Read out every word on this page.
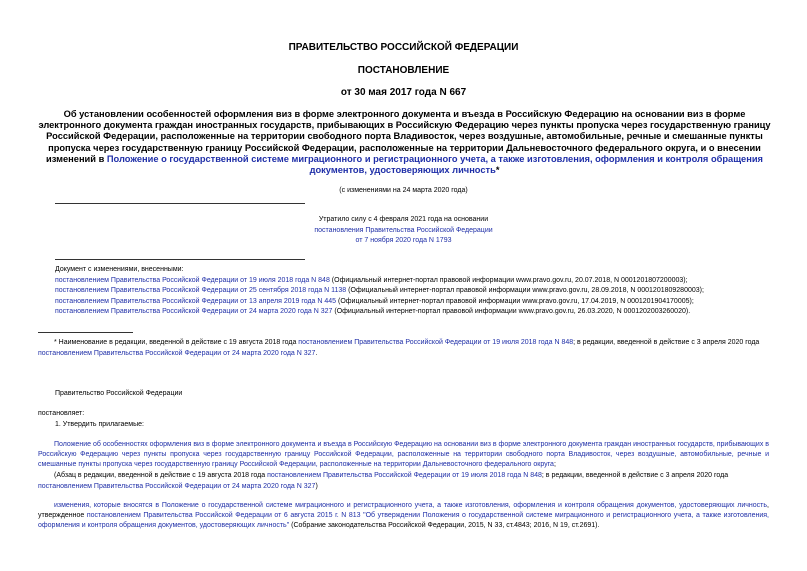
ПРАВИТЕЛЬСТВО РОССИЙСКОЙ ФЕДЕРАЦИИ
ПОСТАНОВЛЕНИЕ
от 30 мая 2017 года N 667
Об установлении особенностей оформления виз в форме электронного документа и въезда в Российскую Федерацию на основании виз в форме электронного документа граждан иностранных государств, прибывающих в Российскую Федерацию через пункты пропуска через государственную границу Российской Федерации, расположенные на территории свободного порта Владивосток, через воздушные, автомобильные, речные и смешанные пункты пропуска через государственную границу Российской Федерации, расположенные на территории Дальневосточного федерального округа, и о внесении изменений в Положение о государственной системе миграционного и регистрационного учета, а также изготовления, оформления и контроля обращения документов, удостоверяющих личность*
(с изменениями на 24 марта 2020 года)
Утратило силу с 4 февраля 2021 года на основании
постановления Правительства Российской Федерации
от 7 ноября 2020 года N 1793
Документ с изменениями, внесенными:
постановлением Правительства Российской Федерации от 19 июля 2018 года N 848 (Официальный интернет-портал правовой информации www.pravo.gov.ru, 20.07.2018, N 0001201807200003);
постановлением Правительства Российской Федерации от 25 сентября 2018 года N 1138 (Официальный интернет-портал правовой информации www.pravo.gov.ru, 28.09.2018, N 0001201809280003);
постановлением Правительства Российской Федерации от 13 апреля 2019 года N 445 (Официальный интернет-портал правовой информации www.pravo.gov.ru, 17.04.2019, N 0001201904170005);
постановлением Правительства Российской Федерации от 24 марта 2020 года N 327 (Официальный интернет-портал правовой информации www.pravo.gov.ru, 26.03.2020, N 0001202003260020).
* Наименование в редакции, введенной в действие с 19 августа 2018 года постановлением Правительства Российской Федерации от 19 июля 2018 года N 848; в редакции, введенной в действие с 3 апреля 2020 года постановлением Правительства Российской Федерации от 24 марта 2020 года N 327.
Правительство Российской Федерации
постановляет:
1. Утвердить прилагаемые:
Положение об особенностях оформления виз в форме электронного документа и въезда в Российскую Федерацию на основании виз в форме электронного документа граждан иностранных государств, прибывающих в Российскую Федерацию через пункты пропуска через государственную границу Российской Федерации, расположенные на территории свободного порта Владивосток, через воздушные, автомобильные, речные и смешанные пункты пропуска через государственную границу Российской Федерации, расположенные на территории Дальневосточного федерального округа;
(Абзац в редакции, введенной в действие с 19 августа 2018 года постановлением Правительства Российской Федерации от 19 июля 2018 года N 848; в редакции, введенной в действие с 3 апреля 2020 года постановлением Правительства Российской Федерации от 24 марта 2020 года N 327)
изменения, которые вносятся в Положение о государственной системе миграционного и регистрационного учета, а также изготовления, оформления и контроля обращения документов, удостоверяющих личность, утвержденное постановлением Правительства Российской Федерации от 6 августа 2015 г. N 813 "Об утверждении Положения о государственной системе миграционного и регистрационного учета, а также изготовления, оформления и контроля обращения документов, удостоверяющих личность" (Собрание законодательства Российской Федерации, 2015, N 33, ст.4843; 2016, N 19, ст.2691).
